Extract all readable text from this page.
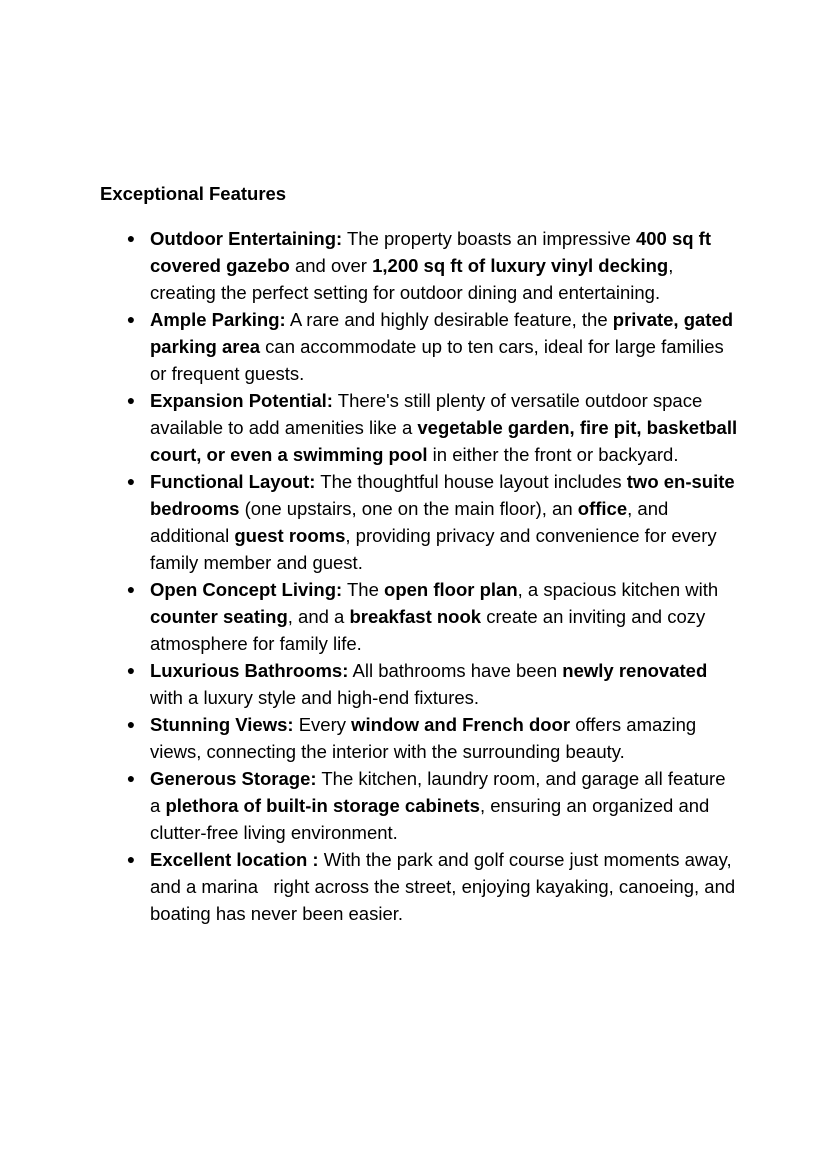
Exceptional Features
● Outdoor Entertaining: The property boasts an impressive 400 sq ft covered gazebo and over 1,200 sq ft of luxury vinyl decking, creating the perfect setting for outdoor dining and entertaining.
● Ample Parking: A rare and highly desirable feature, the private, gated parking area can accommodate up to ten cars, ideal for large families or frequent guests.
● Expansion Potential: There's still plenty of versatile outdoor space available to add amenities like a vegetable garden, fire pit, basketball court, or even a swimming pool in either the front or backyard.
● Functional Layout: The thoughtful house layout includes two en-suite bedrooms (one upstairs, one on the main floor), an office, and additional guest rooms, providing privacy and convenience for every family member and guest.
● Open Concept Living: The open floor plan, a spacious kitchen with counter seating, and a breakfast nook create an inviting and cozy atmosphere for family life.
● Luxurious Bathrooms: All bathrooms have been newly renovated with a luxury style and high-end fixtures.
● Stunning Views: Every window and French door offers amazing views, connecting the interior with the surrounding beauty.
● Generous Storage: The kitchen, laundry room, and garage all feature a plethora of built-in storage cabinets, ensuring an organized and clutter-free living environment.
● Excellent location : With the park and golf course just moments away, and a marina   right across the street, enjoying kayaking, canoeing, and boating has never been easier.
